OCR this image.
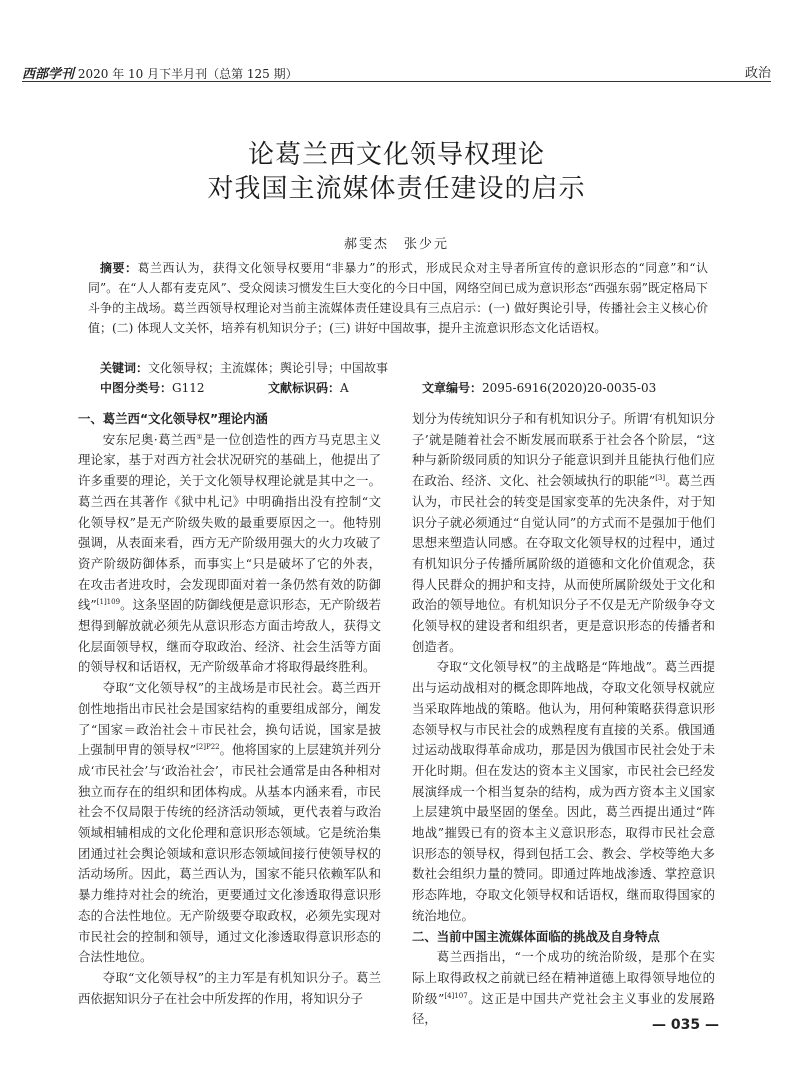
西部学刊 2020 年 10 月下半月刊（总第 125 期）	政治
论葛兰西文化领导权理论
对我国主流媒体责任建设的启示
郝雯杰　张少元
摘要：葛兰西认为，获得文化领导权要用“非暴力”的形式，形成民众对主导者所宣传的意识形态的“同意”和“认同”。在“人人都有麦克风”、受众阅读习惯发生巨大变化的今日中国，网络空间已成为意识形态“西强东弱”既定格局下斗争的主战场。葛兰西领导权理论对当前主流媒体责任建设具有三点启示：(一) 做好舆论引导，传播社会主义核心价值；(二) 体现人文关怀，培养有机知识分子；(三) 讲好中国故事，提升主流意识形态文化话语权。
关键词：文化领导权；主流媒体；舆论引导；中国故事
中图分类号：G112	文献标识码：A	文章编号：2095-6916(2020)20-0035-03
一、葛兰西“文化领导权”理论内涵

安东尼奥·葛兰西①是一位创造性的西方马克思主义理论家，基于对西方社会状况研究的基础上，他提出了许多重要的理论，关于文化领导权理论就是其中之一。葛兰西在其著作《狱中札记》中明确指出没有控制“文化领导权”是无产阶级失败的最重要原因之一。他特别强调，从表面来看，西方无产阶级用强大的火力攻破了资产阶级防御体系，而事实上“只是破坏了它的外表，在攻击者进攻时，会发现即面对着一条仍然有效的防御线”$^{[1]109}$。这条坚固的防御线便是意识形态，无产阶级若想得到解放就必须先从意识形态方面击垮敌人，获得文化层面领导权，继而夺取政治、经济、社会生活等方面的领导权和话语权，无产阶级革命才将取得最终胜利。

夺取“文化领导权”的主战场是市民社会。葛兰西开创性地指出市民社会是国家结构的重要组成部分，阐发了“国家＝政治社会＋市民社会，换句话说，国家是披上强制甲胄的领导权”$^{[2]P22}$。他将国家的上层建筑并列分成‘市民社会’与‘政治社会’，市民社会通常是由各种相对独立而存在的组织和团体构成。从基本内涵来看，市民社会不仅局限于传统的经济活动领域，更代表着与政治领域相辅相成的文化伦理和意识形态领域。它是统治集团通过社会舆论领域和意识形态领域间接行使领导权的活动场所。因此，葛兰西认为，国家不能只依赖军队和暴力维持对社会的统治，更要通过文化渗透取得意识形态的合法性地位。无产阶级要夺取政权，必须先实现对市民社会的控制和领导，通过文化渗透取得意识形态的合法性地位。

夺取“文化领导权”的主力军是有机知识分子。葛兰西依据知识分子在社会中所发挥的作用，将知识分子

划分为传统知识分子和有机知识分子。所谓‘有机知识分子’就是随着社会不断发展而联系于社会各个阶层，“这种与新阶级同质的知识分子能意识到并且能执行他们应在政治、经济、文化、社会领域执行的职能”[3]。葛兰西认为，市民社会的转变是国家变革的先决条件，对于知识分子就必须通过“自觉认同”的方式而不是强加于他们思想来塑造认同感。在夺取文化领导权的过程中，通过有机知识分子传播所属阶级的道德和文化价值观念，获得人民群众的拥护和支持，从而使所属阶级处于文化和政治的领导地位。有机知识分子不仅是无产阶级争夺文化领导权的建设者和组织者，更是意识形态的传播者和创造者。

夺取“文化领导权”的主战略是“阵地战”。葛兰西提出与运动战相对的概念即阵地战，夺取文化领导权就应当采取阵地战的策略。他认为，用何种策略获得意识形态领导权与市民社会的成熟程度有直接的关系。俄国通过运动战取得革命成功，那是因为俄国市民社会处于未开化时期。但在发达的资本主义国家，市民社会已经发展演绎成一个相当复杂的结构，成为西方资本主义国家上层建筑中最坚固的堡垒。因此，葛兰西提出通过“阵地战”摧毁已有的资本主义意识形态，取得市民社会意识形态的领导权，得到包括工会、教会、学校等绝大多数社会组织力量的赞同。即通过阵地战渗透、掌控意识形态阵地，夺取文化领导权和话语权，继而取得国家的统治地位。

二、当前中国主流媒体面临的挑战及自身特点

葛兰西指出，“一个成功的统治阶级，是那个在实际上取得政权之前就已经在精神道德上取得领导地位的阶级”$^{[4]107}$。这正是中国共产党社会主义事业的发展路径，	— 035 —
